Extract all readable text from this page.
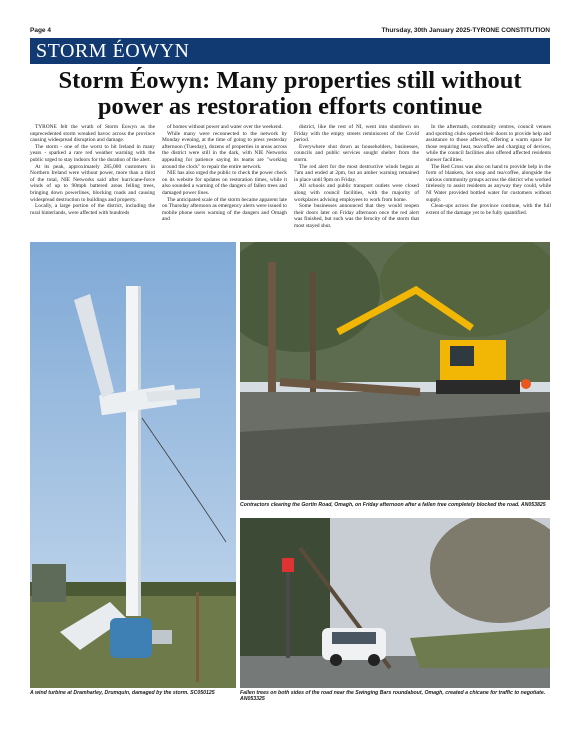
Page 4	Thursday, 30th January 2025-TYRONE CONSTITUTION
STORM ÉOWYN
Storm Éowyn: Many properties still without
power as restoration efforts continue

TYRONE felt the wrath of Storm Eowyn as the unprecedented storm wreaked havoc across the province causing widespread disruption and damage.

The storm - one of the worst to hit Ireland in many years - sparked a rare red weather warning with the public urged to stay indoors for the duration of the alert.

At its peak, approximately 285,000 customers in Northern Ireland were without power, more than a third of the total, NIE Networks said after hurricane-force winds of up to 90mph battered areas felling trees, bringing down powerlines, blocking roads and causing widespread destruction to buildings and property.

Locally, a large portion of the district, including the rural hinterlands, were affected with hundreds

of homes without power and water over the weekend.

While many were reconnected to the network by Monday evening, at the time of going to press yesterday afternoon (Tuesday), dozens of properties in areas across the district were still in the dark, with NIE Networks appealing for patience saying its teams are "working around the clock" to repair the entire network.

NIE has also urged the public to check the power check on its website for updates on restoration times, while it also sounded a warning of the dangers of fallen trees and damaged power lines.

The anticipated scale of the storm became apparent late on Thursday afternoon as emergency alerts were issued to mobile phone users warning of the dangers and Omagh and

district, like the rest of NI, went into shutdown on Friday with the empty streets reminiscent of the Covid period.

Everywhere shut down as householders, businesses, councils and public services sought shelter from the storm.

The red alert for the most destructive winds began at 7am and ended at 2pm, but an amber warning remained in place until 9pm on Friday.

All schools and public transport outlets were closed along with council facilities, with the majority of workplaces advising employees to work from home.

Some businesses announced that they would reopen their doors later on Friday afternoon once the red alert was finished, but such was the ferocity of the storm that most stayed shut.

In the aftermath, community centres, council venues and sporting clubs opened their doors to provide help and assistance to those affected, offering a warm space for those requiring heat, tea/coffee and charging of devices, while the council facilities also offered affected residents shower facilities.

The Red Cross was also on hand to provide help in the form of blankets, hot soup and tea/coffee, alongside the various community groups across the district who worked tirelessly to assist residents as anyway they could, while NI Water provided bottled water for customers without supply.

Clean-ups across the province continue, with the full extent of the damage yet to be fully quantified.

A wind turbine at Dramharley, Drumquin, damaged by the storm. SC050125
Contractors clearing the Gortin Road, Omagh, on Friday afternoon after a fallen tree completely blocked the road. AN053825
Fallen trees on both sides of the road near the Swinging Bars roundabout, Omagh, created a chicane for traffic to negotiate. AN053325
